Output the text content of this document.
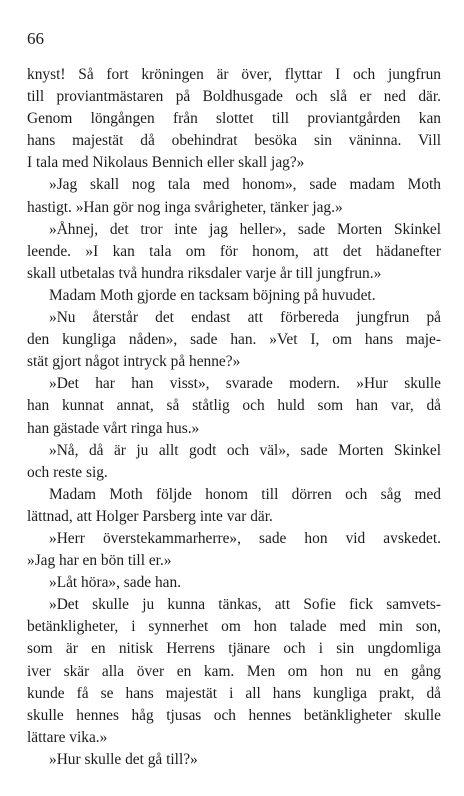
66
knyst! Så fort kröningen är över, flyttar I och jungfrun
till proviantmästaren på Boldhusgade och slå er ned där.
Genom löngången från slottet till proviantgården kan
hans majestät då obehindrat besöka sin väninna. Vill
I tala med Nikolaus Bennich eller skall jag?»
»Jag skall nog tala med honom», sade madam Moth
hastigt. »Han gör nog inga svårigheter, tänker jag.»
»Åhnej, det tror inte jag heller», sade Morten Skinkel
leende. »I kan tala om för honom, att det hädanefter
skall utbetalas två hundra riksdaler varje år till jungfrun.»
Madam Moth gjorde en tacksam böjning på huvudet.
»Nu återstår det endast att förbereda jungfrun på
den kungliga nåden», sade han. »Vet I, om hans maje-
stät gjort något intryck på henne?»
»Det har han visst», svarade modern. »Hur skulle
han kunnat annat, så ståtlig och huld som han var, då
han gästade vårt ringa hus.»
»Nå, då är ju allt godt och väl», sade Morten Skinkel
och reste sig.
Madam Moth följde honom till dörren och såg med
lättnad, att Holger Parsberg inte var där.
»Herr överstekammarherre», sade hon vid avskedet.
»Jag har en bön till er.»
»Låt höra», sade han.
»Det skulle ju kunna tänkas, att Sofie fick samvets-
betänkligheter, i synnerhet om hon talade med min son,
som är en nitisk Herrens tjänare och i sin ungdomliga
iver skär alla över en kam. Men om hon nu en gång
kunde få se hans majestät i all hans kungliga prakt, då
skulle hennes håg tjusas och hennes betänkligheter skulle
lättare vika.»
»Hur skulle det gå till?»
